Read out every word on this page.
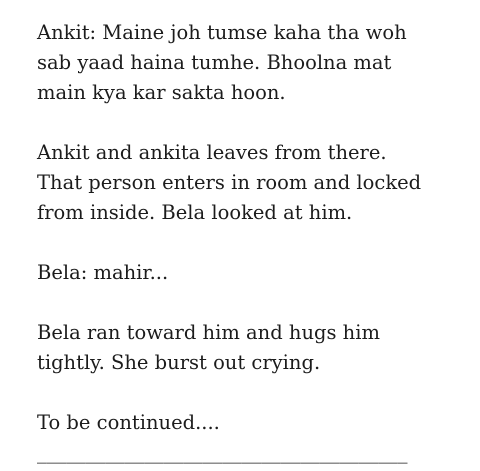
Ankit: Maine joh tumse kaha tha woh
sab yaad haina tumhe. Bhoolna mat
main kya kar sakta hoon.

Ankit and ankita leaves from there.
That person enters in room and locked
from inside. Bela looked at him.

Bela: mahir...

Bela ran toward him and hugs him
tightly. She burst out crying.

To be continued....
______________________________________
